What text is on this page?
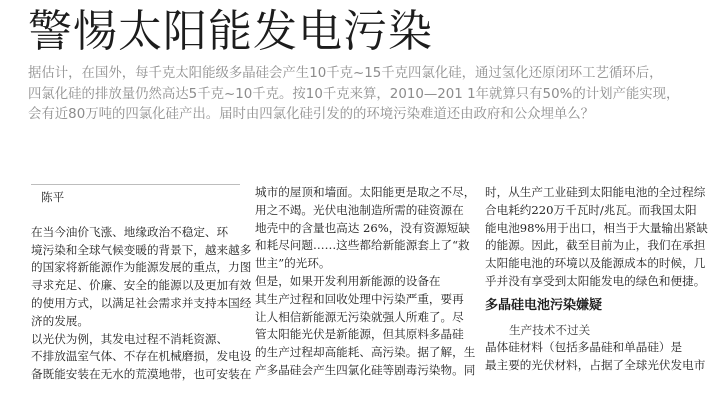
警惕太阳能发电污染

据估计，在国外，每千克太阳能级多晶硅会产生10千克~15千克四氯化硅，通过氢化还原闭环工艺循环后，

四氯化硅的排放量仍然高达5千克~10千克。按10千克来算，2010—201 1年就算只有50%的计划产能实现，

会有近80万吨的四氯化硅产出。届时由四氯化硅引发的的环境污染难道还由政府和公众埋单么？

陈平

在当今油价飞涨、地缘政治不稳定、环

境污染和全球气候变暖的背景下，越来越多

的国家将新能源作为能源发展的重点，力图

寻求充足、价廉、安全的能源以及更加有效

的使用方式，以满足社会需求并支持本国经

济的发展。

以光伏为例，其发电过程不消耗资源、

不排放温室气体、不存在机械磨损，发电设

备既能安装在无水的荒漠地带，也可安装在

城市的屋顶和墙面。太阳能更是取之不尽，

用之不竭。光伏电池制造所需的硅资源在

地壳中的含量也高达 26%，没有资源短缺

和耗尽问题……这些都给新能源套上了“救

世主”的光环。

但是，如果开发利用新能源的设备在

其生产过程和回收处理中污染严重，要再

让人相信新能源无污染就强人所难了。尽

管太阳能光伏是新能源，但其原料多晶硅

的生产过程却高能耗、高污染。据了解，生

产多晶硅会产生四氯化硅等剧毒污染物。同

时，从生产工业硅到太阳能电池的全过程综

合电耗约220万千瓦时/兆瓦。而我国太阳

能电池98%用于出口，相当于大量输出紧缺

的能源。因此，截至目前为止，我们在承担

太阳能电池的环境以及能源成本的时候，几

乎并没有享受到太阳能发电的绿色和便捷。

多晶硅电池污染嫌疑

生产技术不过关

晶体硅材料（包括多晶硅和单晶硅）是

最主要的光伏材料，占据了全球光伏发电市
